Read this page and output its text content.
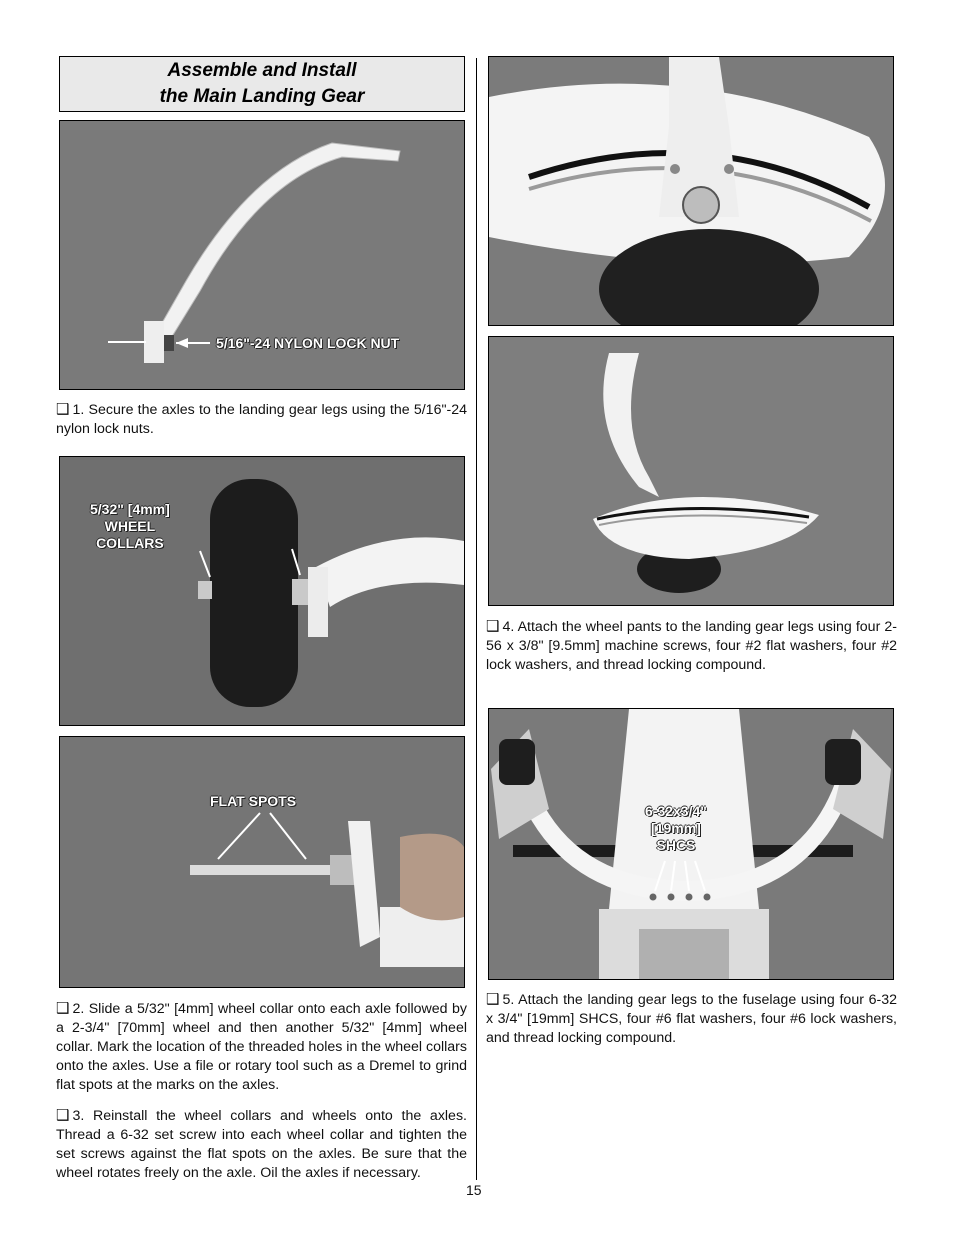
Assemble and Install
the Main Landing Gear
5/16"-24 NYLON LOCK NUT
❑ 1. Secure the axles to the landing gear legs using the 5/16"-24 nylon lock nuts.
5/32" [4mm]
WHEEL
COLLARS
FLAT SPOTS
❑ 2. Slide a 5/32" [4mm] wheel collar onto each axle followed by a 2-3/4" [70mm] wheel and then another 5/32" [4mm] wheel collar. Mark the location of the threaded holes in the wheel collars onto the axles. Use a file or rotary tool such as a Dremel to grind flat spots at the marks on the axles.
❑ 3. Reinstall the wheel collars and wheels onto the axles. Thread a 6-32 set screw into each wheel collar and tighten the set screws against the flat spots on the axles. Be sure that the wheel rotates freely on the axle. Oil the axles if necessary.
❑ 4. Attach the wheel pants to the landing gear legs using four 2-56 x 3/8" [9.5mm] machine screws, four #2 flat washers, four #2 lock washers, and thread locking compound.
6-32x3/4"
[19mm]
SHCS
❑ 5. Attach the landing gear legs to the fuselage using four 6-32 x 3/4" [19mm] SHCS, four #6 flat washers, four #6 lock washers, and thread locking compound.
15
